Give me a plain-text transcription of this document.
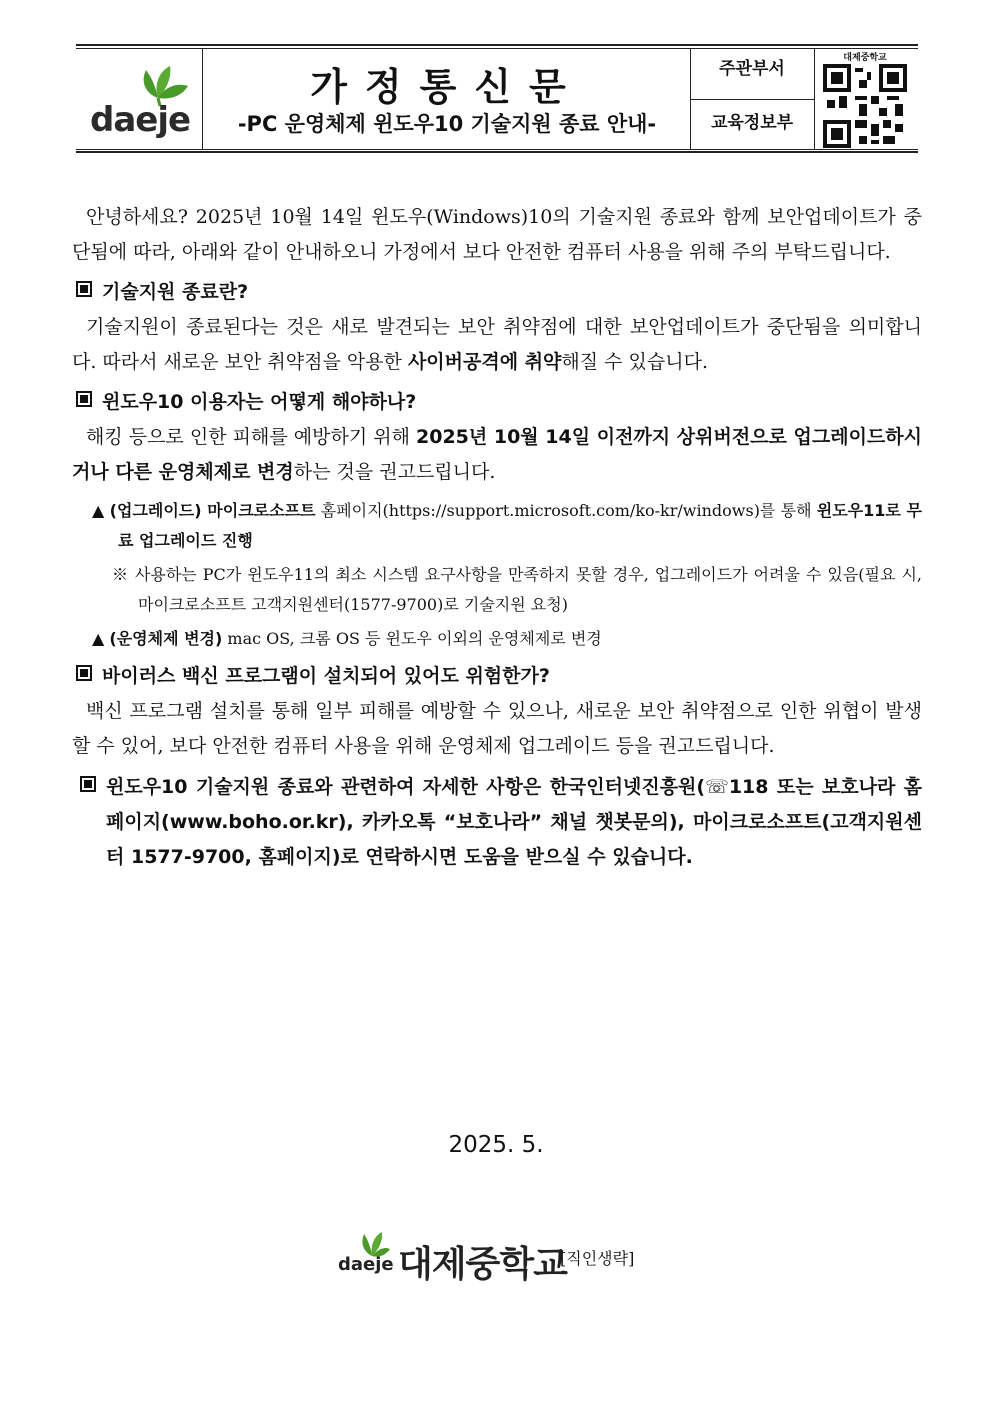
daeje
가정통신문
-PC 운영체제 윈도우10 기술지원 종료 안내-
주관부서
교육정보부
대제중학교

안녕하세요? 2025년 10월 14일 윈도우(Windows)10의 기술지원 종료와 함께 보안업데이트가 중단됨에 따라, 아래와 같이 안내하오니 가정에서 보다 안전한 컴퓨터 사용을 위해 주의 부탁드립니다.

기술지원 종료란?

기술지원이 종료된다는 것은 새로 발견되는 보안 취약점에 대한 보안업데이트가 중단됨을 의미합니다. 따라서 새로운 보안 취약점을 악용한 사이버공격에 취약해질 수 있습니다.

윈도우10 이용자는 어떻게 해야하나?

해킹 등으로 인한 피해를 예방하기 위해 2025년 10월 14일 이전까지 상위버전으로 업그레이드하시거나 다른 운영체제로 변경하는 것을 권고드립니다.

▲ (업그레이드) 마이크로소프트 홈페이지(https://support.microsoft.com/ko-kr/windows)를 통해 윈도우11로 무료 업그레이드 진행

※ 사용하는 PC가 윈도우11의 최소 시스템 요구사항을 만족하지 못할 경우, 업그레이드가 어려울 수 있음(필요 시, 마이크로소프트 고객지원센터(1577-9700)로 기술지원 요청)

▲ (운영체제 변경) mac OS, 크롬 OS 등 윈도우 이외의 운영체제로 변경

바이러스 백신 프로그램이 설치되어 있어도 위험한가?

백신 프로그램 설치를 통해 일부 피해를 예방할 수 있으나, 새로운 보안 취약점으로 인한 위협이 발생할 수 있어, 보다 안전한 컴퓨터 사용을 위해 운영체제 업그레이드 등을 권고드립니다.

윈도우10 기술지원 종료와 관련하여 자세한 사항은 한국인터넷진흥원(☏118 또는 보호나라 홈페이지(www.boho.or.kr), 카카오톡 “보호나라” 채널 챗봇문의), 마이크로소프트(고객지원센터 1577-9700, 홈페이지)로 연락하시면 도움을 받으실 수 있습니다.

2025. 5.
daeje 대제중학교
[직인생략]
